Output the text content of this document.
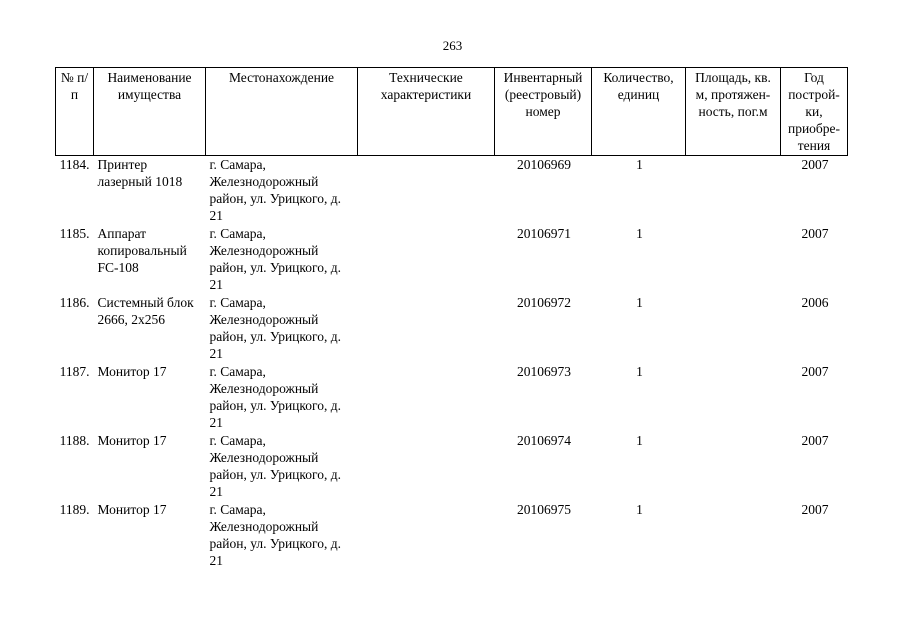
263
№ п/п	Наименование имущества	Местонахождение	Технические характеристики	Инвентарный (реестровый) номер	Количество, единиц	Площадь, кв. м, протяжен-ность, пог.м	Год построй-ки, приобре-тения
1184.	Принтер лазерный 1018	г. Самара, Железнодорожный район, ул. Урицкого, д. 21		20106969	1		2007
1185.	Аппарат копировальный FC-108	г. Самара, Железнодорожный район, ул. Урицкого, д. 21		20106971	1		2007
1186.	Системный блок 2666, 2х256	г. Самара, Железнодорожный район, ул. Урицкого, д. 21		20106972	1		2006
1187.	Монитор 17	г. Самара, Железнодорожный район, ул. Урицкого, д. 21		20106973	1		2007
1188.	Монитор 17	г. Самара, Железнодорожный район, ул. Урицкого, д. 21		20106974	1		2007
1189.	Монитор 17	г. Самара, Железнодорожный район, ул. Урицкого, д. 21		20106975	1		2007
